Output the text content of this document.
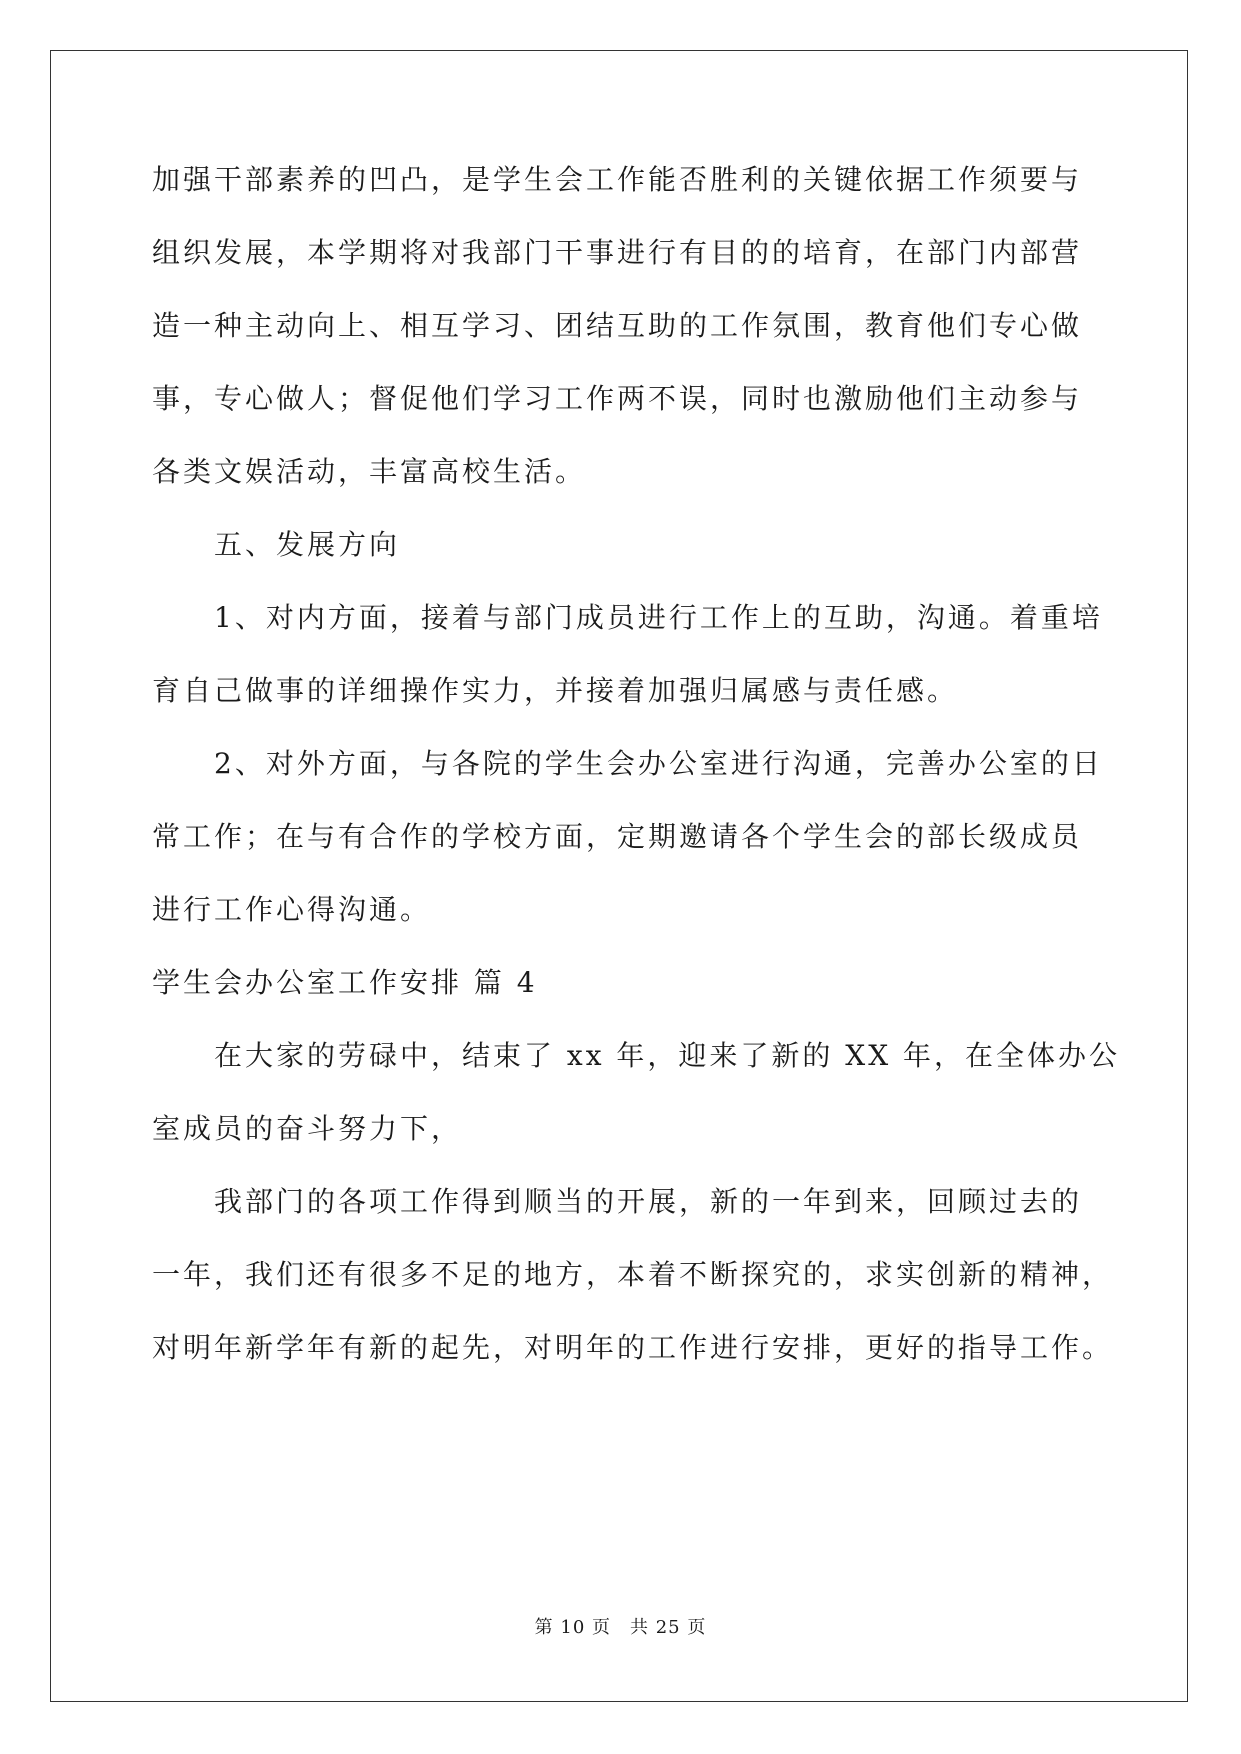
加强干部素养的凹凸，是学生会工作能否胜利的关键依据工作须要与
组织发展，本学期将对我部门干事进行有目的的培育，在部门内部营
造一种主动向上、相互学习、团结互助的工作氛围，教育他们专心做
事，专心做人；督促他们学习工作两不误，同时也激励他们主动参与
各类文娱活动，丰富高校生活。
五、发展方向
1、对内方面，接着与部门成员进行工作上的互助，沟通。着重培
育自己做事的详细操作实力，并接着加强归属感与责任感。
2、对外方面，与各院的学生会办公室进行沟通，完善办公室的日
常工作；在与有合作的学校方面，定期邀请各个学生会的部长级成员
进行工作心得沟通。
学生会办公室工作安排 篇 4
在大家的劳碌中，结束了 xx 年，迎来了新的 XX 年，在全体办公
室成员的奋斗努力下，
我部门的各项工作得到顺当的开展，新的一年到来，回顾过去的
一年，我们还有很多不足的地方，本着不断探究的，求实创新的精神，
对明年新学年有新的起先，对明年的工作进行安排，更好的指导工作。
第 10 页　共 25 页
